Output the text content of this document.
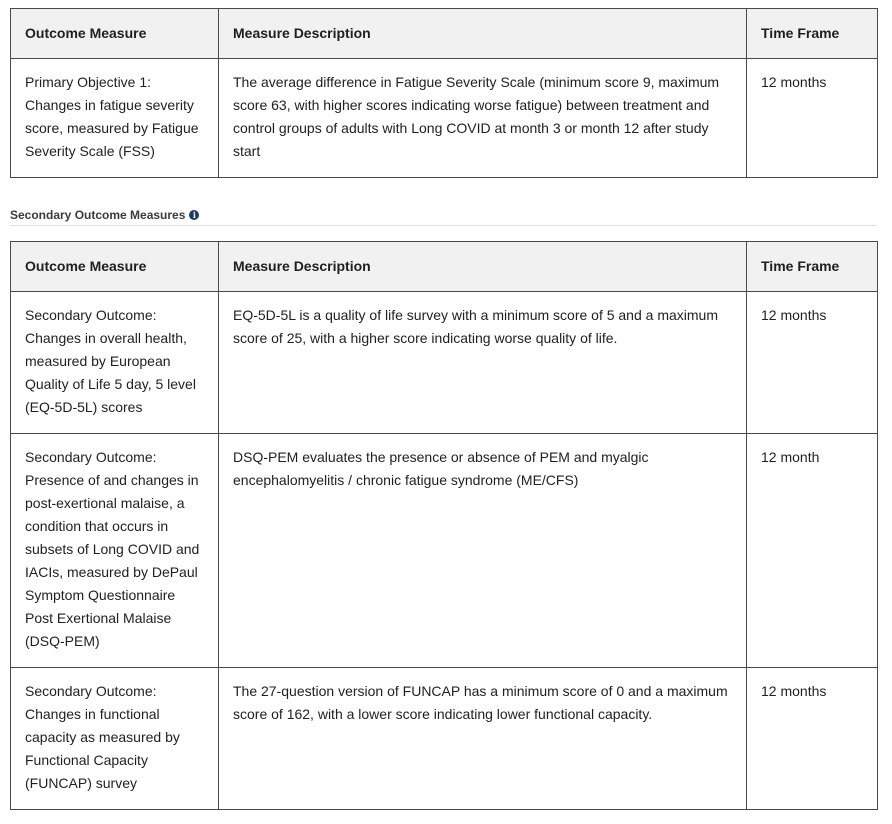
Outcome Measure	Measure Description	Time Frame
Primary Objective 1: Changes in fatigue severity score, measured by Fatigue Severity Scale (FSS)	The average difference in Fatigue Severity Scale (minimum score 9, maximum score 63, with higher scores indicating worse fatigue) between treatment and control groups of adults with Long COVID at month 3 or month 12 after study start	12 months
Secondary Outcome Measures i
Outcome Measure	Measure Description	Time Frame
Secondary Outcome: Changes in overall health, measured by European Quality of Life 5 day, 5 level (EQ-5D-5L) scores	EQ-5D-5L is a quality of life survey with a minimum score of 5 and a maximum score of 25, with a higher score indicating worse quality of life.	12 months
Secondary Outcome: Presence of and changes in post-exertional malaise, a condition that occurs in subsets of Long COVID and IACIs, measured by DePaul Symptom Questionnaire Post Exertional Malaise (DSQ-PEM)	DSQ-PEM evaluates the presence or absence of PEM and myalgic encephalomyelitis / chronic fatigue syndrome (ME/CFS)	12 month
Secondary Outcome: Changes in functional capacity as measured by Functional Capacity (FUNCAP) survey	The 27-question version of FUNCAP has a minimum score of 0 and a maximum score of 162, with a lower score indicating lower functional capacity.	12 months
